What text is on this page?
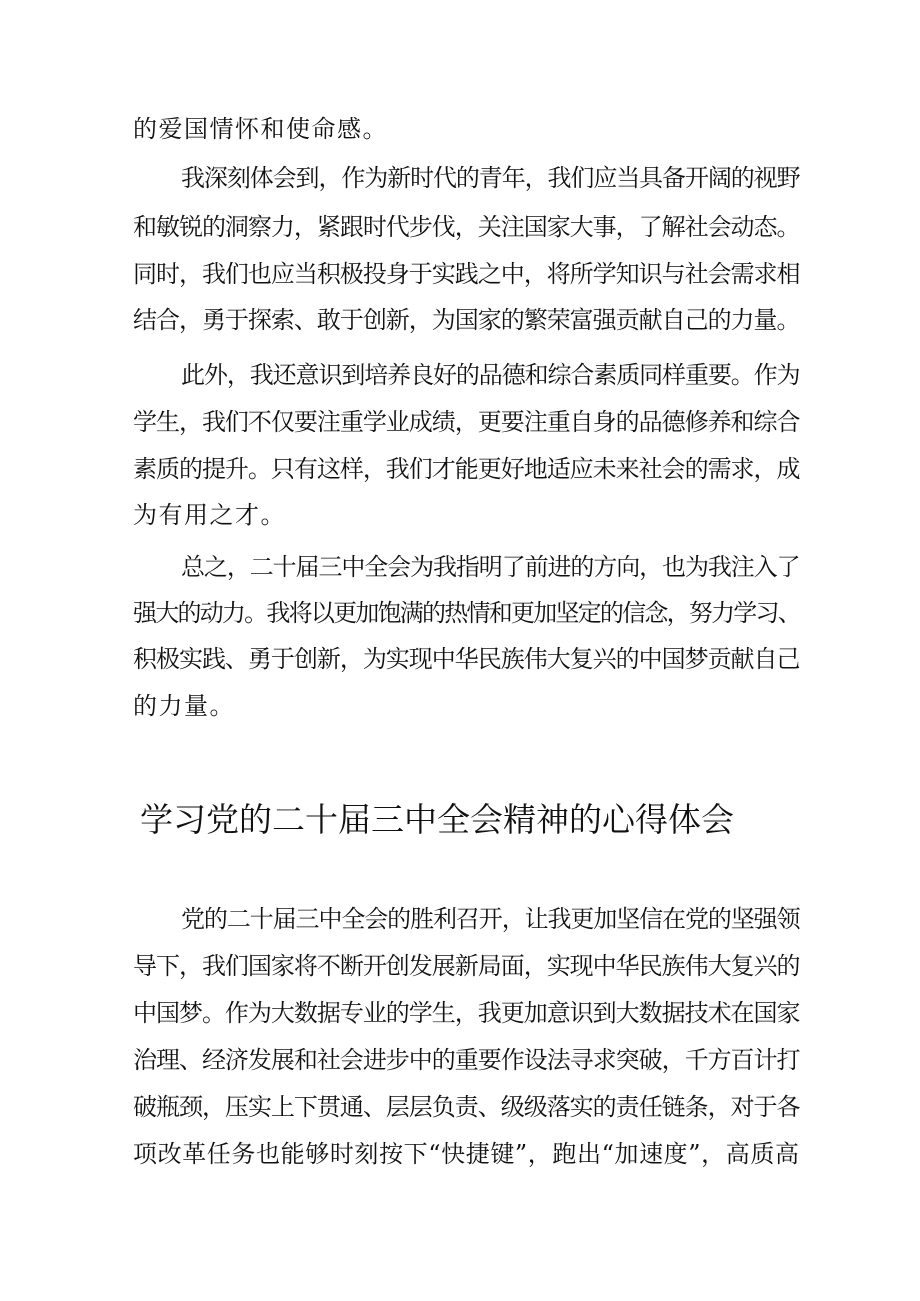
的爱国情怀和使命感。
我深刻体会到，作为新时代的青年，我们应当具备开阔的视野
和敏锐的洞察力，紧跟时代步伐，关注国家大事，了解社会动态。
同时，我们也应当积极投身于实践之中，将所学知识与社会需求相
结合，勇于探索、敢于创新，为国家的繁荣富强贡献自己的力量。
此外，我还意识到培养良好的品德和综合素质同样重要。作为
学生，我们不仅要注重学业成绩，更要注重自身的品德修养和综合
素质的提升。只有这样，我们才能更好地适应未来社会的需求，成
为有用之才。
总之，二十届三中全会为我指明了前进的方向，也为我注入了
强大的动力。我将以更加饱满的热情和更加坚定的信念，努力学习、
积极实践、勇于创新，为实现中华民族伟大复兴的中国梦贡献自己
的力量。
学习党的二十届三中全会精神的心得体会
党的二十届三中全会的胜利召开，让我更加坚信在党的坚强领
导下，我们国家将不断开创发展新局面，实现中华民族伟大复兴的
中国梦。作为大数据专业的学生，我更加意识到大数据技术在国家
治理、经济发展和社会进步中的重要作设法寻求突破，千方百计打
破瓶颈，压实上下贯通、层层负责、级级落实的责任链条，对于各
项改革任务也能够时刻按下“快捷键”，跑出“加速度”，高质高
